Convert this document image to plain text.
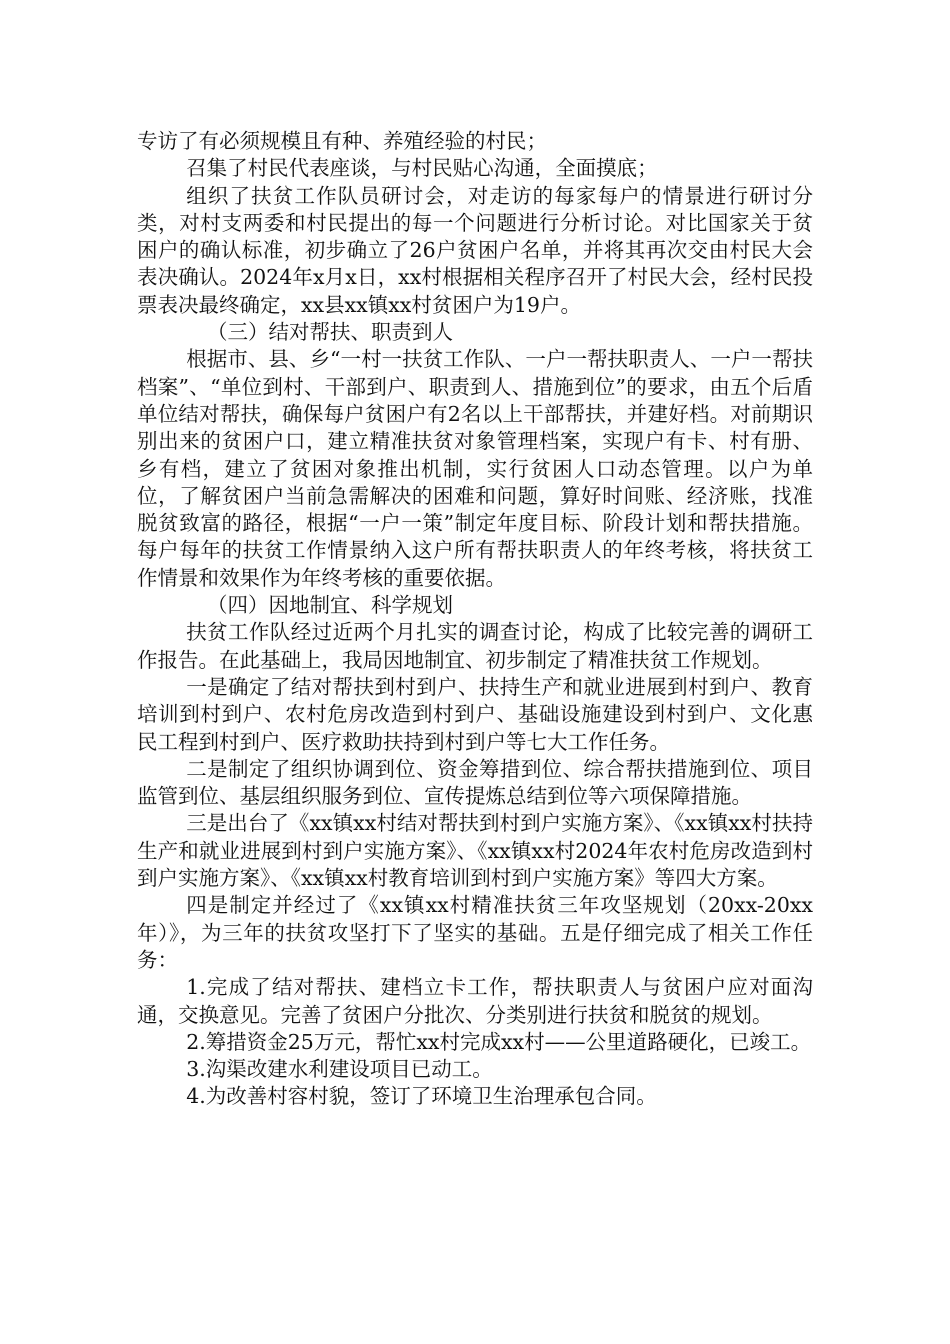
专访了有必须规模且有种、养殖经验的村民；

召集了村民代表座谈，与村民贴心沟通，全面摸底；

组织了扶贫工作队员研讨会，对走访的每家每户的情景进行研讨分类，对村支两委和村民提出的每一个问题进行分析讨论。对比国家关于贫困户的确认标准，初步确立了26户贫困户名单，并将其再次交由村民大会表决确认。2024年x月x日，xx村根据相关程序召开了村民大会，经村民投票表决最终确定，xx县xx镇xx村贫困户为19户。

（三）结对帮扶、职责到人

根据市、县、乡“一村一扶贫工作队、一户一帮扶职责人、一户一帮扶档案”、“单位到村、干部到户、职责到人、措施到位”的要求，由五个后盾单位结对帮扶，确保每户贫困户有2名以上干部帮扶，并建好档。对前期识别出来的贫困户口，建立精准扶贫对象管理档案，实现户有卡、村有册、乡有档，建立了贫困对象推出机制，实行贫困人口动态管理。以户为单位，了解贫困户当前急需解决的困难和问题，算好时间账、经济账，找准脱贫致富的路径，根据“一户一策”制定年度目标、阶段计划和帮扶措施。每户每年的扶贫工作情景纳入这户所有帮扶职责人的年终考核，将扶贫工作情景和效果作为年终考核的重要依据。

（四）因地制宜、科学规划

扶贫工作队经过近两个月扎实的调查讨论，构成了比较完善的调研工作报告。在此基础上，我局因地制宜、初步制定了精准扶贫工作规划。

一是确定了结对帮扶到村到户、扶持生产和就业进展到村到户、教育培训到村到户、农村危房改造到村到户、基础设施建设到村到户、文化惠民工程到村到户、医疗救助扶持到村到户等七大工作任务。

二是制定了组织协调到位、资金筹措到位、综合帮扶措施到位、项目监管到位、基层组织服务到位、宣传提炼总结到位等六项保障措施。

三是出台了《xx镇xx村结对帮扶到村到户实施方案》、《xx镇xx村扶持生产和就业进展到村到户实施方案》、《xx镇xx村2024年农村危房改造到村到户实施方案》、《xx镇xx村教育培训到村到户实施方案》等四大方案。

四是制定并经过了《xx镇xx村精准扶贫三年攻坚规划（20xx-20xx年）》，为三年的扶贫攻坚打下了坚实的基础。五是仔细完成了相关工作任务：

1.完成了结对帮扶、建档立卡工作，帮扶职责人与贫困户应对面沟通，交换意见。完善了贫困户分批次、分类别进行扶贫和脱贫的规划。

2.筹措资金25万元，帮忙xx村完成xx村——公里道路硬化，已竣工。

3.沟渠改建水利建设项目已动工。

4.为改善村容村貌，签订了环境卫生治理承包合同。
